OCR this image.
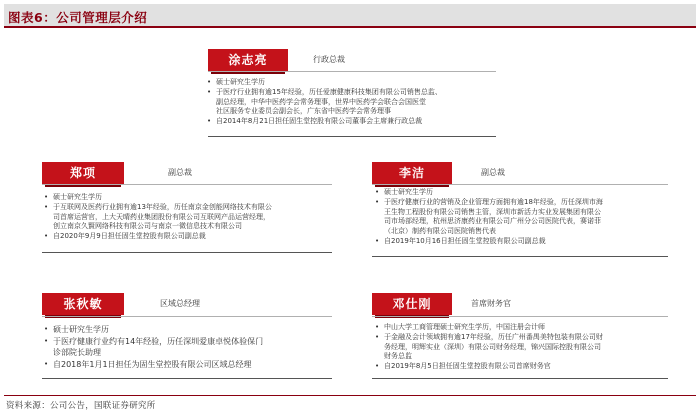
图表6：公司管理层介绍
涂志亮	行政总裁
• 硕士研究生学历
• 于医疗行业拥有逾15年经验，历任爱康健康科技集团有限公司销售总监、
副总经理，中华中医药学会常务理事，世界中医药学会联合会国医堂
社区服务专业委员会副会长，广东省中医药学会常务理事
• 自2014年8月21日担任固生堂控股有限公司董事会主席兼行政总裁
郑项	副总裁
• 硕士研究生学历
• 于互联网及医药行业拥有逾13年经验，历任南京金创能网络技术有限公
司首席运营官，上大天晴药业集团股份有限公司互联网产品运营经理，
创立南京久賢网络科技有限公司与南京一微信息技术有限公司
• 自2020年9月9日担任固生堂控股有限公司副总裁
李洁	副总裁
• 硕士研究生学历
• 于医疗健康行业的营销及企业管理方面拥有逾18年经验，历任深圳市海
王生物工程股份有限公司销售主管，深圳市新活力实业发展集团有限公
司市场部经理，杭州思济康药业有限公司广州分公司医院代表，赛诺菲
（北京）制药有限公司医院销售代表
• 自2019年10月16日担任固生堂控股有限公司副总裁
张秋敏	区域总经理
• 硕士研究生学历
• 于医疗健康行业约有14年经验，历任深圳爱康卓悦体验保门
诊部院长助理
• 自2018年1月1日担任为固生堂控股有限公司区域总经理
邓仕刚	首席财务官
• 中山大学工商管理硕士研究生学历，中国注册会计师
• 于金融及会计领域拥有逾17年经验，历任广州番禺美特包装有限公司财
务经理，明辉实业（深圳）有限公司财务经理，锦兴国际控股有限公司
财务总监
• 自2019年8月5日担任固生堂控股有限公司首席财务官
资料来源：公司公告，国联证券研究所
